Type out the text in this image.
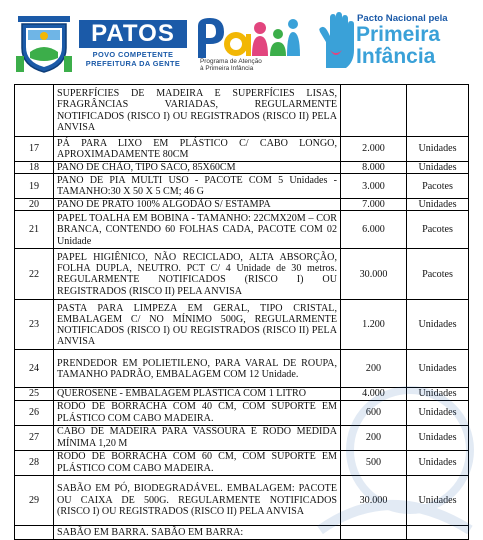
PATOS
POVO COMPETENTE
PREFEITURA DA GENTE	Programa de Atenção
à Primeira Infância
Pacto Nacional pela
Primeira
Infância
	SUPERFÍCIES DE MADEIRA E SUPERFÍCIES LISAS, FRAGRÂNCIAS VARIADAS, REGULARMENTE NOTIFICADOS (RISCO I) OU REGISTRADOS (RISCO II) PELA ANVISA		
17	PÁ PARA LIXO EM PLÁSTICO C/ CABO LONGO, APROXIMADAMENTE 80CM	2.000	Unidades
18	PANO DE CHÃO, TIPO SACO, 85X60CM	8.000	Unidades
19	PANO DE PIA MULTI USO - PACOTE COM 5 Unidades - TAMANHO:30 X 50 X 5 CM; 46 G	3.000	Pacotes
20	PANO DE PRATO 100% ALGODÃO S/ ESTAMPA	7.000	Unidades
21	PAPEL TOALHA EM BOBINA - TAMANHO: 22CMX20M – COR BRANCA, CONTENDO 60 FOLHAS CADA, PACOTE COM 02 Unidade	6.000	Pacotes
22	PAPEL HIGIÊNICO, NÃO RECICLADO, ALTA ABSORÇÃO, FOLHA DUPLA, NEUTRO. PCT C/ 4 Unidade de 30 metros. REGULARMENTE NOTIFICADOS (RISCO I) OU REGISTRADOS (RISCO II) PELA ANVISA	30.000	Pacotes
23	PASTA PARA LIMPEZA EM GERAL, TIPO CRISTAL, EMBALAGEM C/ NO MÍNIMO 500G, REGULARMENTE NOTIFICADOS (RISCO I) OU REGISTRADOS (RISCO II) PELA ANVISA	1.200	Unidades
24	PRENDEDOR EM POLIETILENO, PARA VARAL DE ROUPA, TAMANHO PADRÃO, EMBALAGEM COM 12 Unidade.	200	Unidades
25	QUEROSENE - EMBALAGEM PLÁSTICA COM 1 LITRO	4.000	Unidades
26	RODO DE BORRACHA COM 40 CM, COM SUPORTE EM PLÁSTICO COM CABO MADEIRA.	600	Unidades
27	CABO DE MADEIRA PARA VASSOURA E RODO MEDIDA MÍNIMA 1,20 M	200	Unidades
28	RODO DE BORRACHA COM 60 CM, COM SUPORTE EM PLÁSTICO COM CABO MADEIRA.	500	Unidades
29	SABÃO EM PÓ, BIODEGRADÁVEL. EMBALAGEM: PACOTE OU CAIXA DE 500G. REGULARMENTE NOTIFICADOS (RISCO I) OU REGISTRADOS (RISCO II) PELA ANVISA	30.000	Unidades
	SABÃO EM BARRA. SABÃO EM BARRA:		
